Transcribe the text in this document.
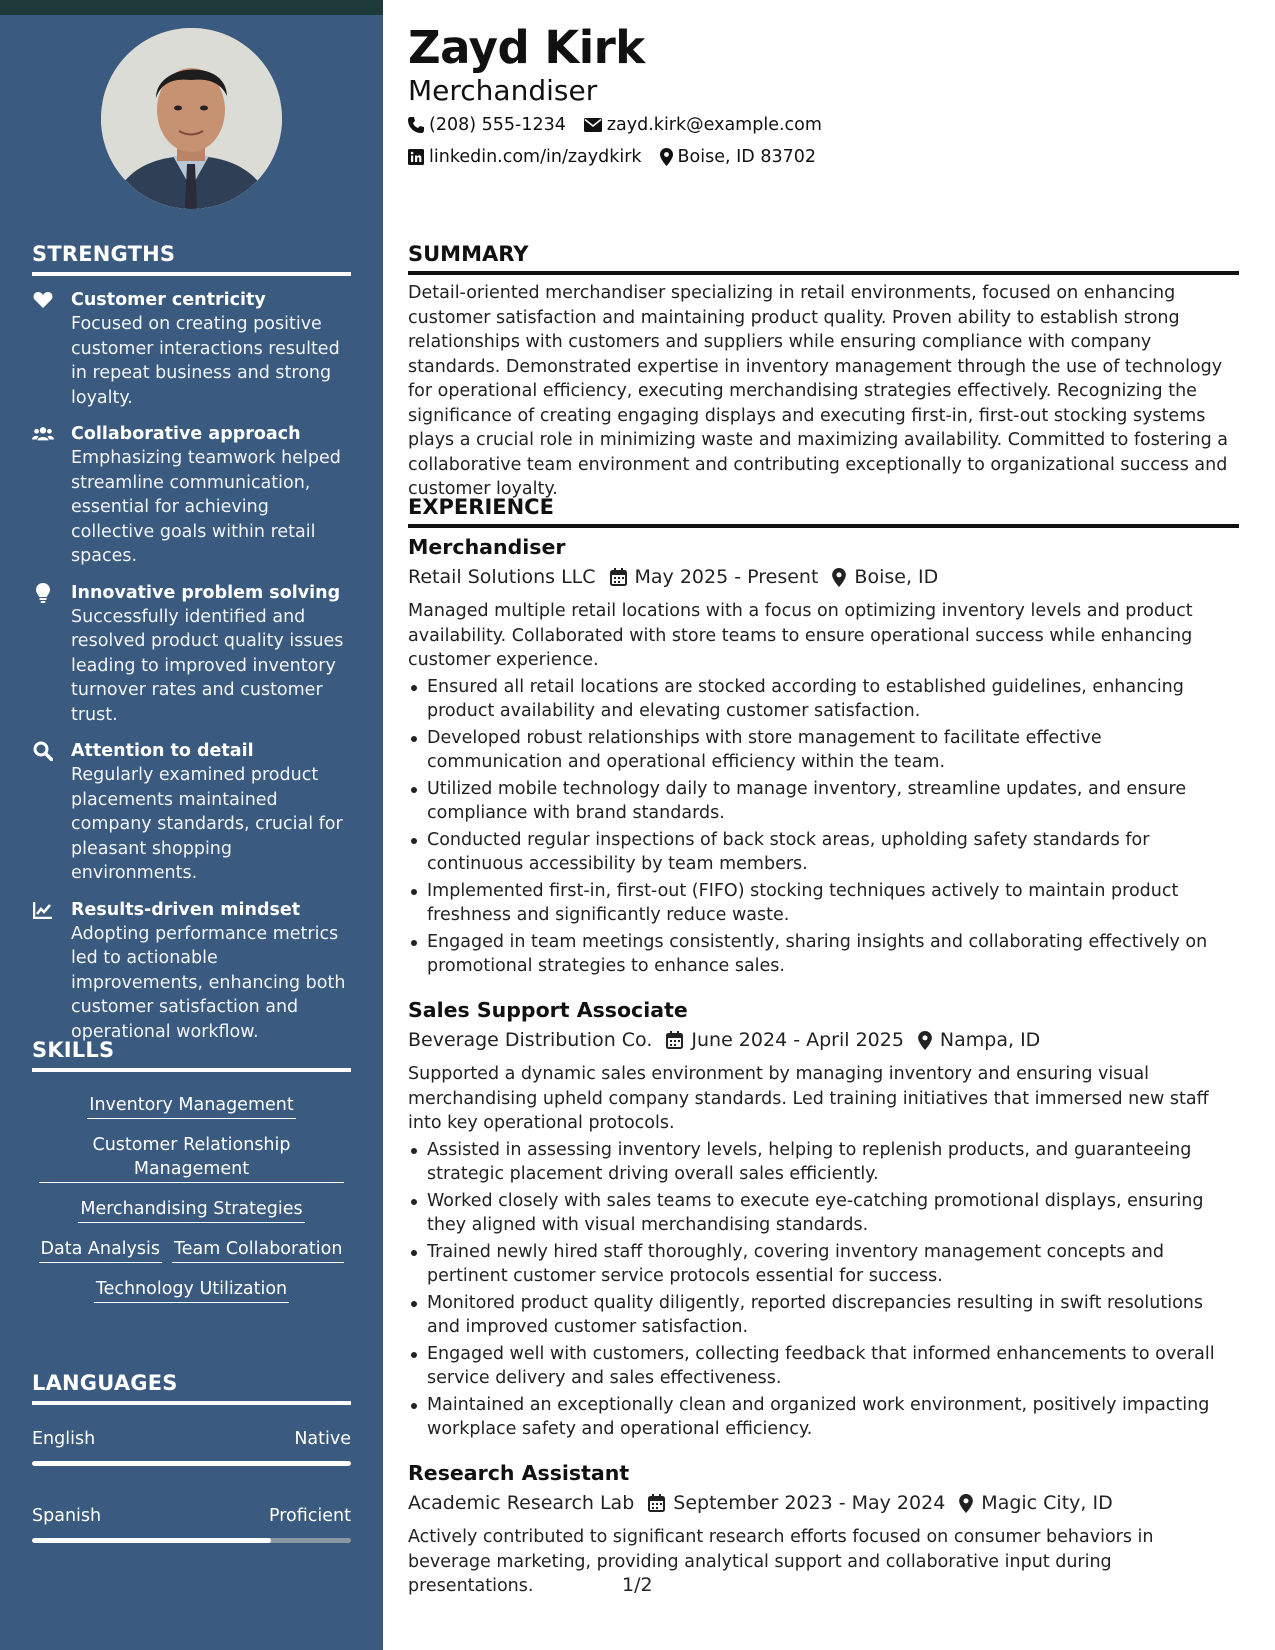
STRENGTHS
Customer centricity
Focused on creating positive customer interactions resulted in repeat business and strong loyalty.
Collaborative approach
Emphasizing teamwork helped streamline communication, essential for achieving collective goals within retail spaces.
Innovative problem solving
Successfully identified and resolved product quality issues leading to improved inventory turnover rates and customer trust.
Attention to detail
Regularly examined product placements maintained company standards, crucial for pleasant shopping environments.
Results-driven mindset
Adopting performance metrics led to actionable improvements, enhancing both customer satisfaction and operational workflow.
SKILLS
Inventory Management
Customer Relationship Management
Merchandising Strategies
Data Analysis Team Collaboration
Technology Utilization
LANGUAGES
English	Native
Spanish	Proficient
Zayd Kirk
Merchandiser
(208) 555-1234 zayd.kirk@example.com
linkedin.com/in/zaydkirk Boise, ID 83702
SUMMARY
Detail-oriented merchandiser specializing in retail environments, focused on enhancing customer satisfaction and maintaining product quality. Proven ability to establish strong relationships with customers and suppliers while ensuring compliance with company standards. Demonstrated expertise in inventory management through the use of technology for operational efficiency, executing merchandising strategies effectively. Recognizing the significance of creating engaging displays and executing first-in, first-out stocking systems plays a crucial role in minimizing waste and maximizing availability. Committed to fostering a collaborative team environment and contributing exceptionally to organizational success and customer loyalty.
EXPERIENCE
Merchandiser
Retail Solutions LLC May 2025 - Present Boise, ID
Managed multiple retail locations with a focus on optimizing inventory levels and product availability. Collaborated with store teams to ensure operational success while enhancing customer experience.
Ensured all retail locations are stocked according to established guidelines, enhancing product availability and elevating customer satisfaction.
Developed robust relationships with store management to facilitate effective communication and operational efficiency within the team.
Utilized mobile technology daily to manage inventory, streamline updates, and ensure compliance with brand standards.
Conducted regular inspections of back stock areas, upholding safety standards for continuous accessibility by team members.
Implemented first-in, first-out (FIFO) stocking techniques actively to maintain product freshness and significantly reduce waste.
Engaged in team meetings consistently, sharing insights and collaborating effectively on promotional strategies to enhance sales.
Sales Support Associate
Beverage Distribution Co. June 2024 - April 2025 Nampa, ID
Supported a dynamic sales environment by managing inventory and ensuring visual merchandising upheld company standards. Led training initiatives that immersed new staff into key operational protocols.
Assisted in assessing inventory levels, helping to replenish products, and guaranteeing strategic placement driving overall sales efficiently.
Worked closely with sales teams to execute eye-catching promotional displays, ensuring they aligned with visual merchandising standards.
Trained newly hired staff thoroughly, covering inventory management concepts and pertinent customer service protocols essential for success.
Monitored product quality diligently, reported discrepancies resulting in swift resolutions and improved customer satisfaction.
Engaged well with customers, collecting feedback that informed enhancements to overall service delivery and sales effectiveness.
Maintained an exceptionally clean and organized work environment, positively impacting workplace safety and operational efficiency.
Research Assistant
Academic Research Lab September 2023 - May 2024 Magic City, ID
Actively contributed to significant research efforts focused on consumer behaviors in beverage marketing, providing analytical support and collaborative input during presentations.	1/2
